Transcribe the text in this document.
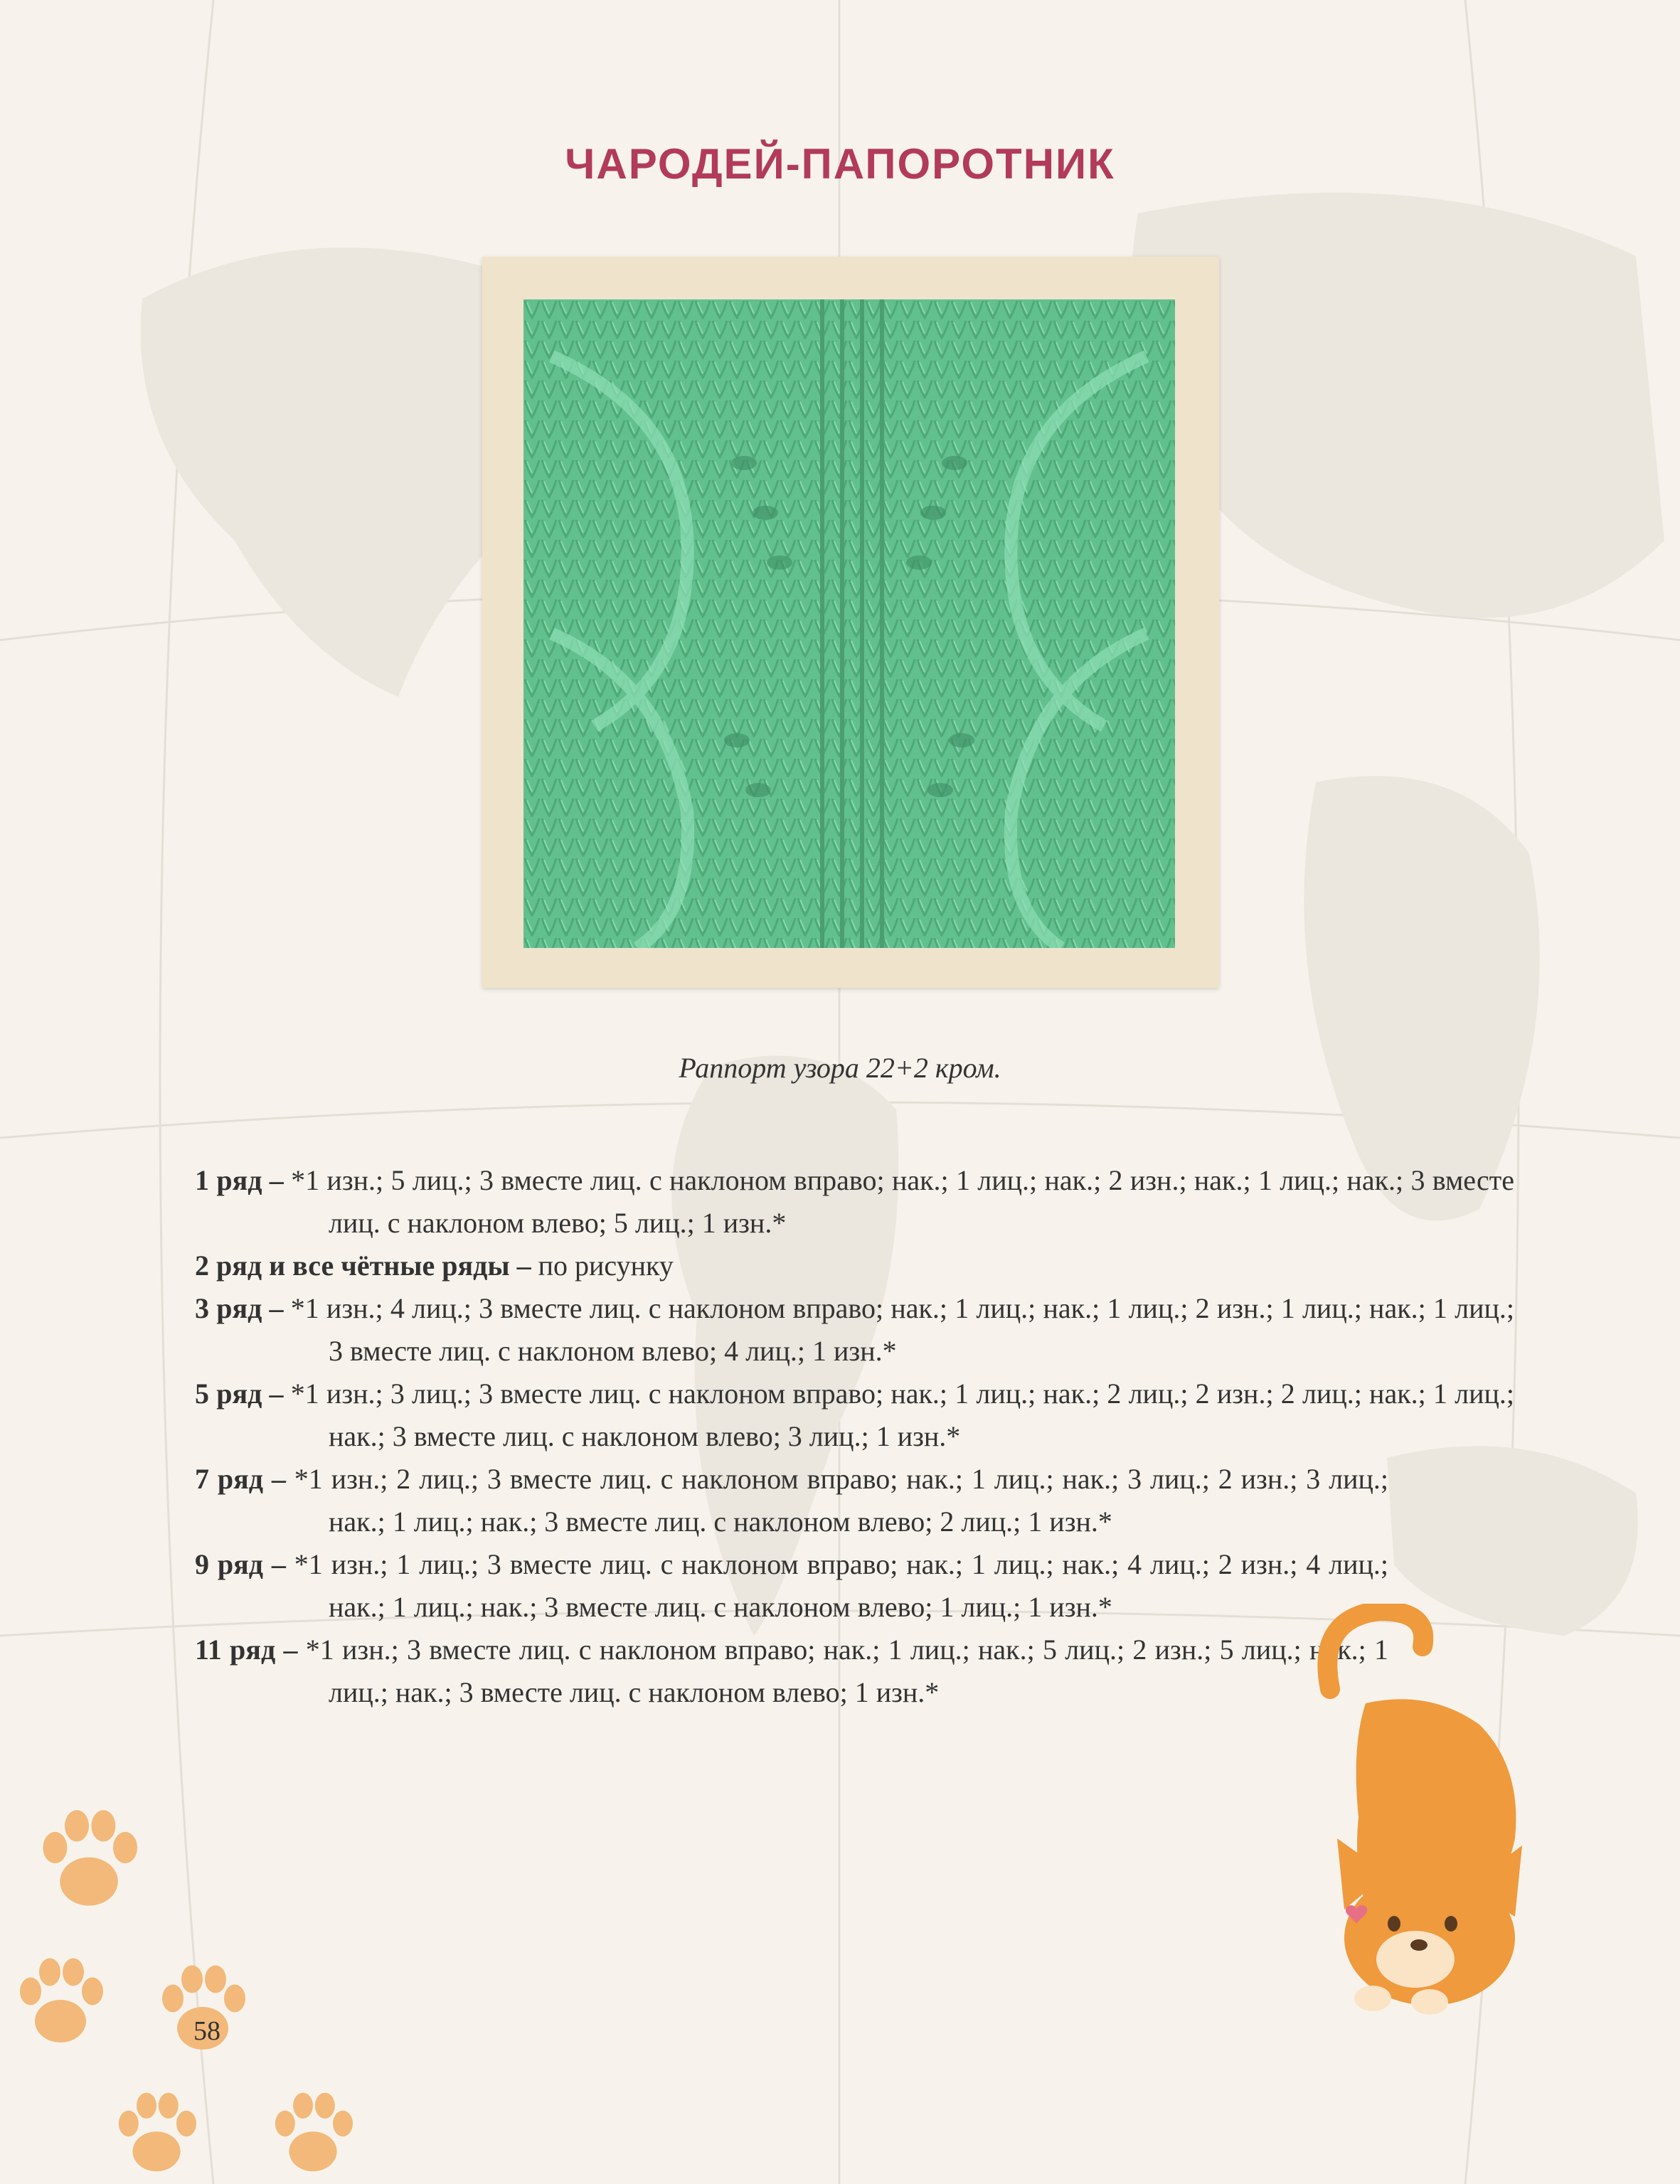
ЧАРОДЕЙ-ПАПОРОТНИК
Раппорт узора 22+2 кром.
1 ряд – *1 изн.; 5 лиц.; 3 вместе лиц. с наклоном вправо; нак.; 1 лиц.; нак.; 2 изн.; нак.; 1 лиц.; нак.; 3 вместе лиц. с наклоном влево; 5 лиц.; 1 изн.*
2 ряд и все чётные ряды – по рисунку
3 ряд – *1 изн.; 4 лиц.; 3 вместе лиц. с наклоном вправо; нак.; 1 лиц.; нак.; 1 лиц.; 2 изн.; 1 лиц.; нак.; 1 лиц.; 3 вместе лиц. с наклоном влево; 4 лиц.; 1 изн.*
5 ряд – *1 изн.; 3 лиц.; 3 вместе лиц. с наклоном вправо; нак.; 1 лиц.; нак.; 2 лиц.; 2 изн.; 2 лиц.; нак.; 1 лиц.; нак.; 3 вместе лиц. с наклоном влево; 3 лиц.; 1 изн.*
7 ряд – *1 изн.; 2 лиц.; 3 вместе лиц. с наклоном вправо; нак.; 1 лиц.; нак.; 3 лиц.; 2 изн.; 3 лиц.; нак.; 1 лиц.; нак.; 3 вместе лиц. с наклоном влево; 2 лиц.; 1 изн.*
9 ряд – *1 изн.; 1 лиц.; 3 вместе лиц. с наклоном вправо; нак.; 1 лиц.; нак.; 4 лиц.; 2 изн.; 4 лиц.; нак.; 1 лиц.; нак.; 3 вместе лиц. с наклоном влево; 1 лиц.; 1 изн.*
11 ряд – *1 изн.; 3 вместе лиц. с наклоном вправо; нак.; 1 лиц.; нак.; 5 лиц.; 2 изн.; 5 лиц.; нак.; 1 лиц.; нак.; 3 вместе лиц. с наклоном влево; 1 изн.*
58
